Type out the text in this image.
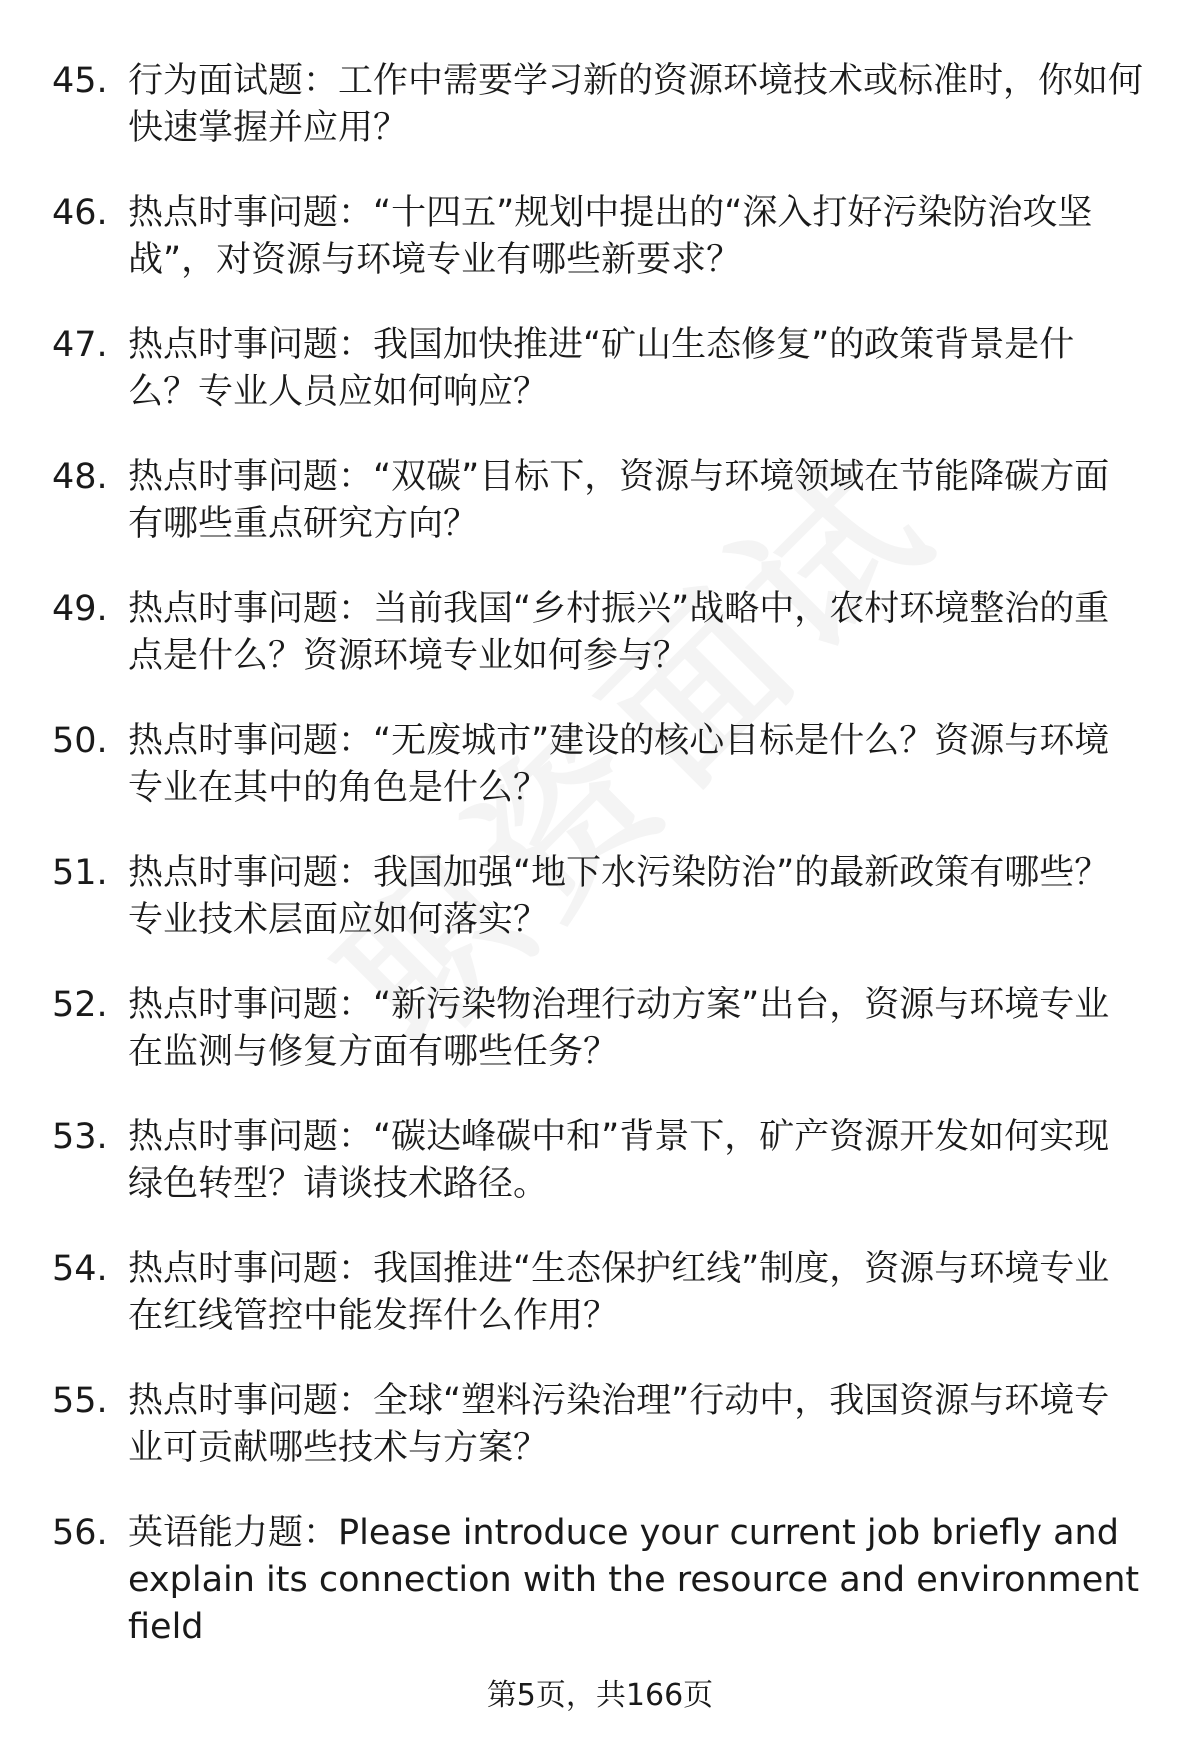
45. 行为面试题：工作中需要学习新的资源环境技术或标准时，你如何快速掌握并应用？
46. 热点时事问题：“十四五”规划中提出的“深入打好污染防治攻坚战”，对资源与环境专业有哪些新要求？
47. 热点时事问题：我国加快推进“矿山生态修复”的政策背景是什么？专业人员应如何响应？
48. 热点时事问题：“双碳”目标下，资源与环境领域在节能降碳方面有哪些重点研究方向？
49. 热点时事问题：当前我国“乡村振兴”战略中，农村环境整治的重点是什么？资源环境专业如何参与？
50. 热点时事问题：“无废城市”建设的核心目标是什么？资源与环境专业在其中的角色是什么？
51. 热点时事问题：我国加强“地下水污染防治”的最新政策有哪些？专业技术层面应如何落实？
52. 热点时事问题：“新污染物治理行动方案”出台，资源与环境专业在监测与修复方面有哪些任务？
53. 热点时事问题：“碳达峰碳中和”背景下，矿产资源开发如何实现绿色转型？请谈技术路径。
54. 热点时事问题：我国推进“生态保护红线”制度，资源与环境专业在红线管控中能发挥什么作用？
55. 热点时事问题：全球“塑料污染治理”行动中，我国资源与环境专业可贡献哪些技术与方案？
56. 英语能力题：Please introduce your current job briefly and explain its connection with the resource and environment field
第5页，共166页
